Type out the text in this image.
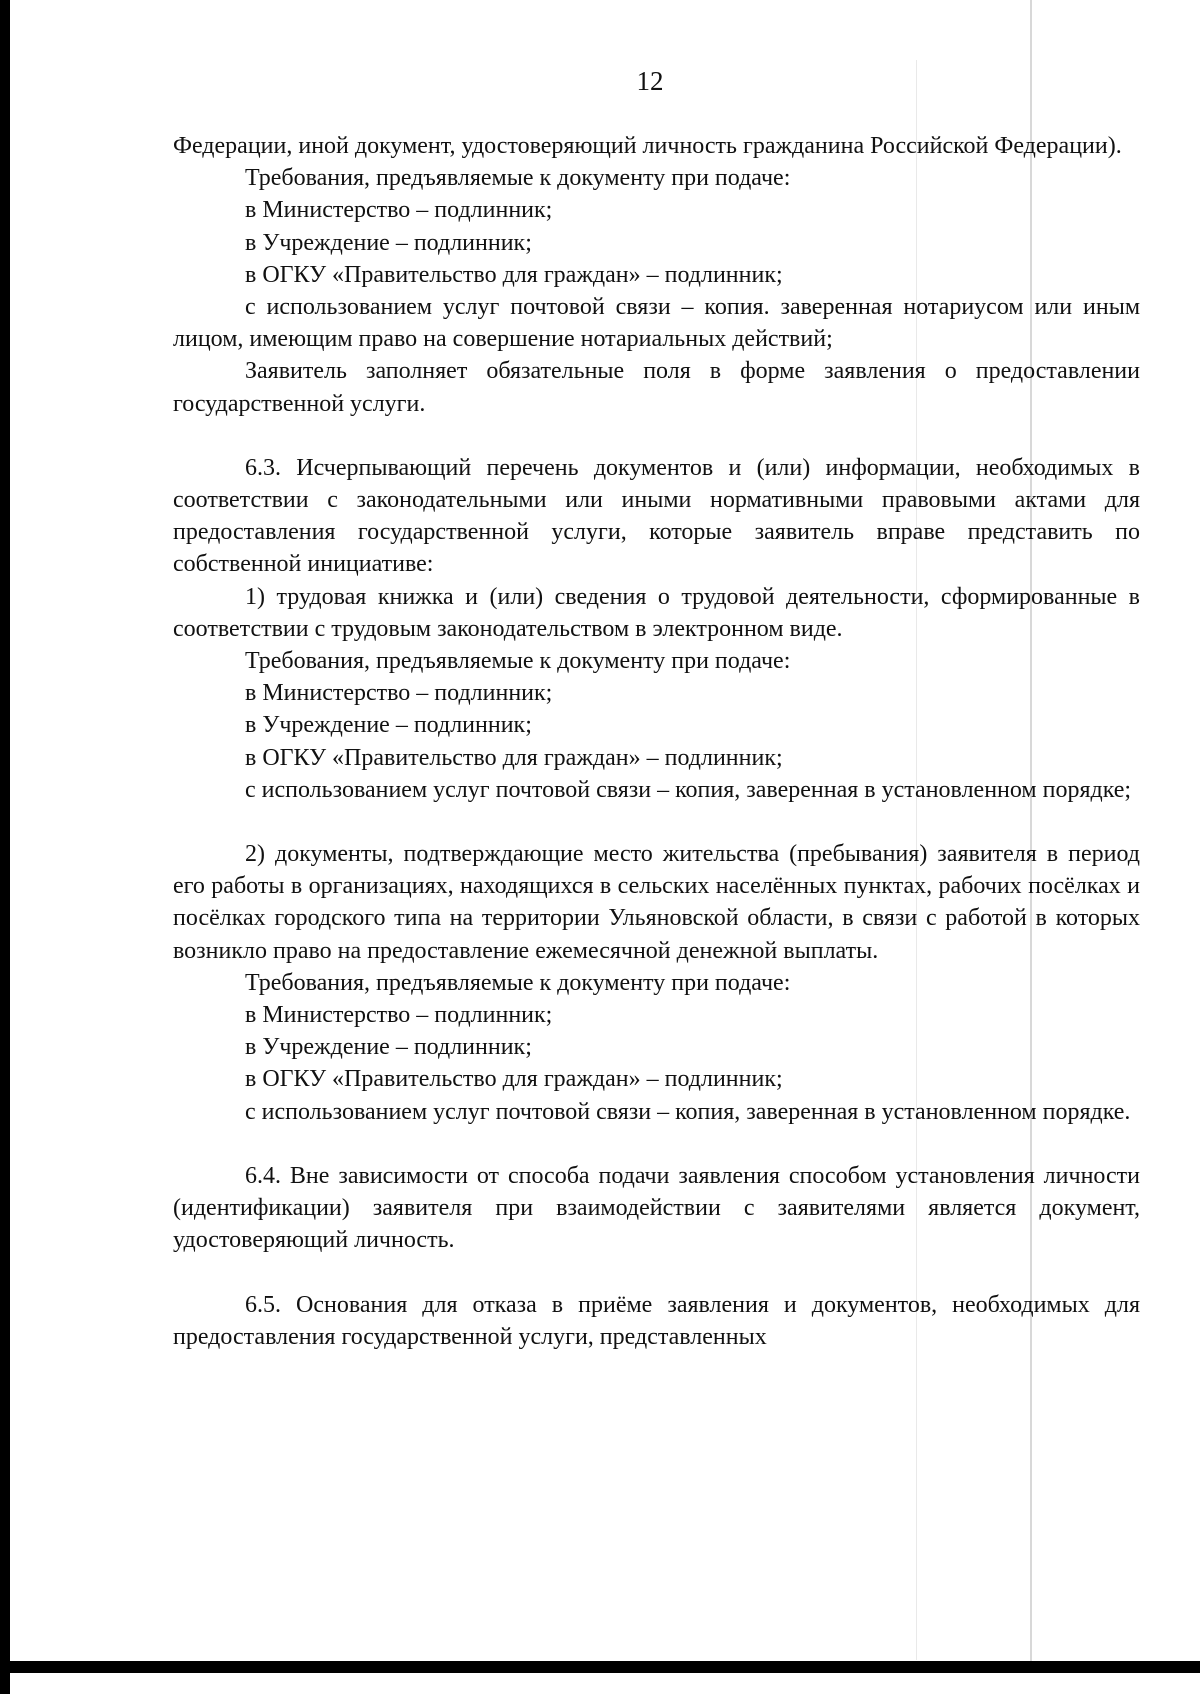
12

Федерации, иной документ, удостоверяющий личность гражданина Российской Федерации).

Требования, предъявляемые к документу при подаче:

в Министерство – подлинник;

в Учреждение – подлинник;

в ОГКУ «Правительство для граждан» – подлинник;

с использованием услуг почтовой связи – копия. заверенная нотариусом или иным лицом, имеющим право на совершение нотариальных действий;

Заявитель заполняет обязательные поля в форме заявления о предоставлении государственной услуги.

6.3. Исчерпывающий перечень документов и (или) информации, необходимых в соответствии с законодательными или иными нормативными правовыми актами для предоставления государственной услуги, которые заявитель вправе представить по собственной инициативе:

1) трудовая книжка и (или) сведения о трудовой деятельности, сформированные в соответствии с трудовым законодательством в электронном виде.

Требования, предъявляемые к документу при подаче:

в Министерство – подлинник;

в Учреждение – подлинник;

в ОГКУ «Правительство для граждан» – подлинник;

с использованием услуг почтовой связи – копия, заверенная в установленном порядке;

2) документы, подтверждающие место жительства (пребывания) заявителя в период его работы в организациях, находящихся в сельских населённых пунктах, рабочих посёлках и посёлках городского типа на территории Ульяновской области, в связи с работой в которых возникло право на предоставление ежемесячной денежной выплаты.

Требования, предъявляемые к документу при подаче:

в Министерство – подлинник;

в Учреждение – подлинник;

в ОГКУ «Правительство для граждан» – подлинник;

с использованием услуг почтовой связи – копия, заверенная в установленном порядке.

6.4. Вне зависимости от способа подачи заявления способом установления личности (идентификации) заявителя при взаимодействии с заявителями является документ, удостоверяющий личность.

6.5. Основания для отказа в приёме заявления и документов, необходимых для предоставления государственной услуги, представленных
